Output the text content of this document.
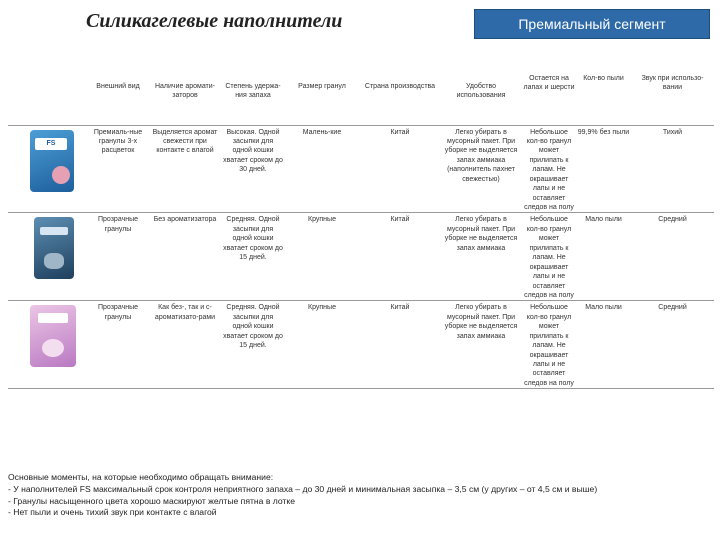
Силикагелевые наполнители	Премиальный сегмент
	Внешний вид	Наличие аромати-заторов	Степень удержа-ния запаха	Размер гранул	Страна производства	Удобство использования	Остается на лапах и шерсти	Кол-во пыли	Звук при использо-вании

FS	Премиаль-ные гранулы 3-х расцветок	Выделяется аромат свежести при контакте с влагой	Высокая. Одной засыпки для одной кошки хватает сроком до 30 дней.	Малень-кие	Китай	Легко убирать в мусорный пакет. При уборке не выделяется запах аммиака (наполнитель пахнет свежестью)	Небольшое кол-во гранул может прилипать к лапам. Не окрашивает лапы и не оставляет следов на полу	99,9% без пыли	Тихий

	Прозрачные гранулы	Без ароматизатора	Средняя. Одной засыпки для одной кошки хватает сроком до 15 дней.	Крупные	Китай	Легко убирать в мусорный пакет. При уборке не выделяется запах аммиака	Небольшое кол-во гранул может прилипать к лапам. Не окрашивает лапы и не оставляет следов на полу	Мало пыли	Средний

	Прозрачные гранулы	Как без-, так и с-ароматизато-рами	Средняя. Одной засыпки для одной кошки хватает сроком до 15 дней.	Крупные	Китай	Легко убирать в мусорный пакет. При уборке не выделяется запах аммиака	Небольшое кол-во гранул может прилипать к лапам. Не окрашивает лапы и не оставляет следов на полу	Мало пыли	Средний
Основные моменты, на которые необходимо обращать внимание:
- У наполнителей FS максимальный срок контроля неприятного запаха – до 30 дней и минимальная засыпка – 3,5 см (у других – от 4,5 см и выше)
- Гранулы насыщенного цвета хорошо маскируют желтые пятна в лотке
- Нет пыли и очень тихий звук при контакте с влагой
